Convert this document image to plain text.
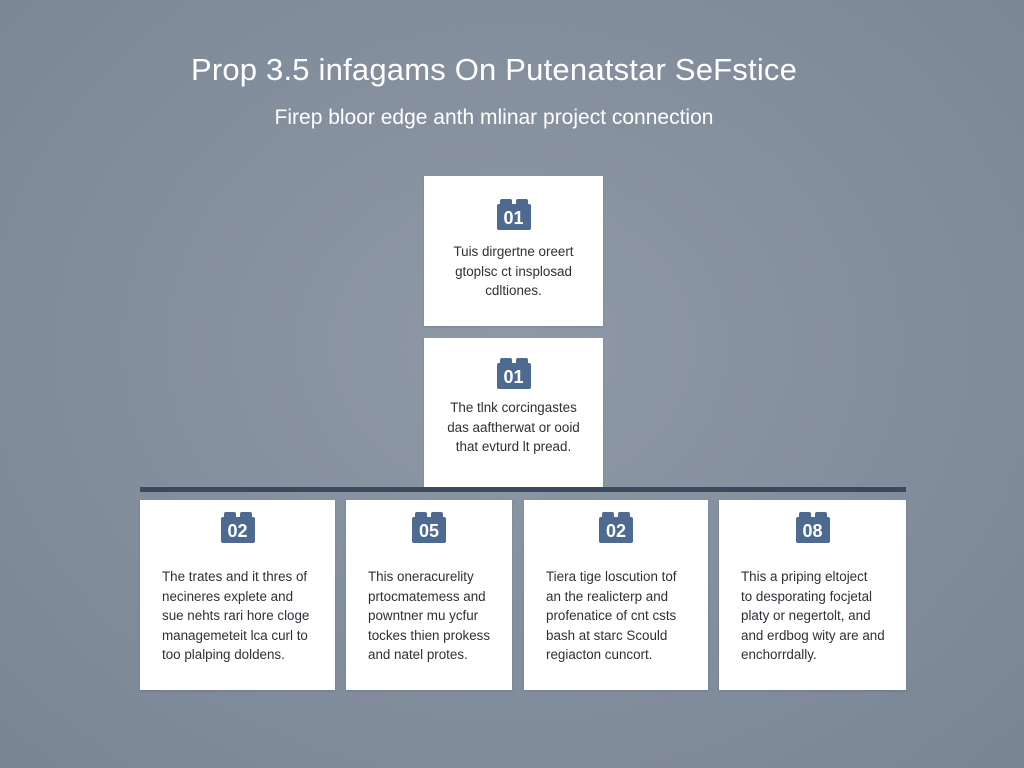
Prop 3.5 infagams On Putenatstar SeFstice
Firep bloor edge anth mlinar project connection
01
Tuis dirgertne oreert
gtoplsc ct insplosad
cdltiones.
01
The tlnk corcingastes
das aaftherwat or ooid
that evturd lt pread.
02
The trates and it thres of
necineres explete and
sue nehts rari hore cloge
managemeteit lca curl to
too plalping doldens.
05
This oneracurelity
prtocmatemess and
powntner mu ycfur
tockes thien prokess
and natel protes.
02
Tiera tige loscution tof
an the realicterp and
profenatice of cnt csts
bash at starc Scould
regiacton cuncort.
08
This a priping eltoject
to desporating focjetal
platy or negertolt, and
and erdbog wity are and
enchorrdally.
